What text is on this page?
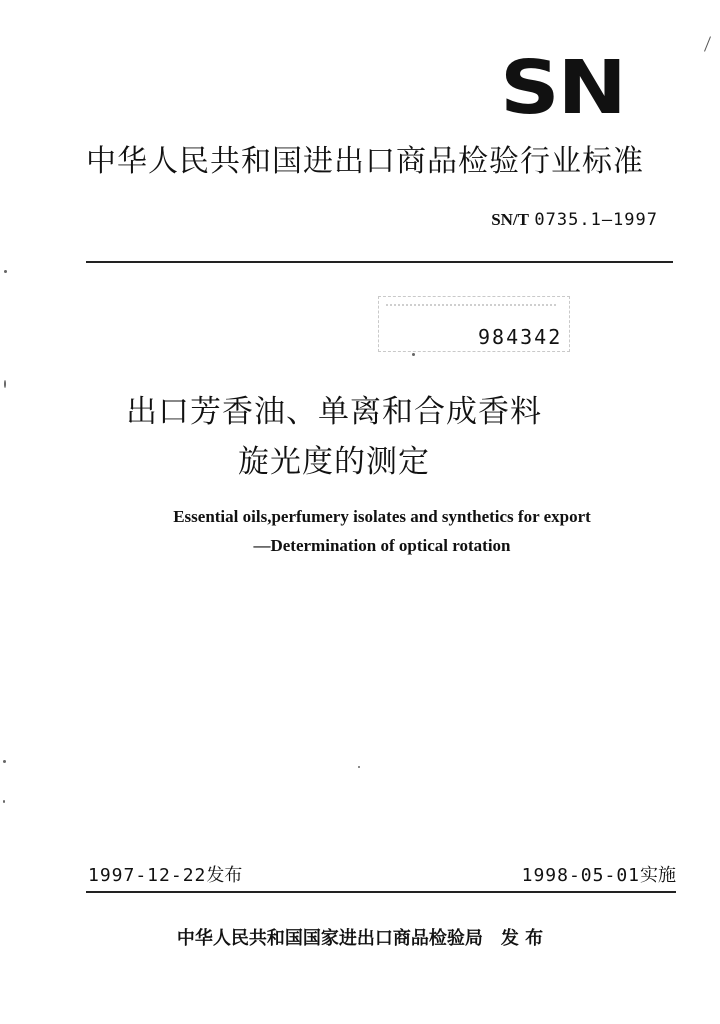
SN
中华人民共和国进出口商品检验行业标准
SN/T 0735.1—1997
984342
出口芳香油、单离和合成香料
旋光度的测定
Essential oils,perfumery isolates and synthetics for export
—Determination of optical rotation
1997-12-22发布	1998-05-01实施
中华人民共和国国家进出口商品检验局 发 布
